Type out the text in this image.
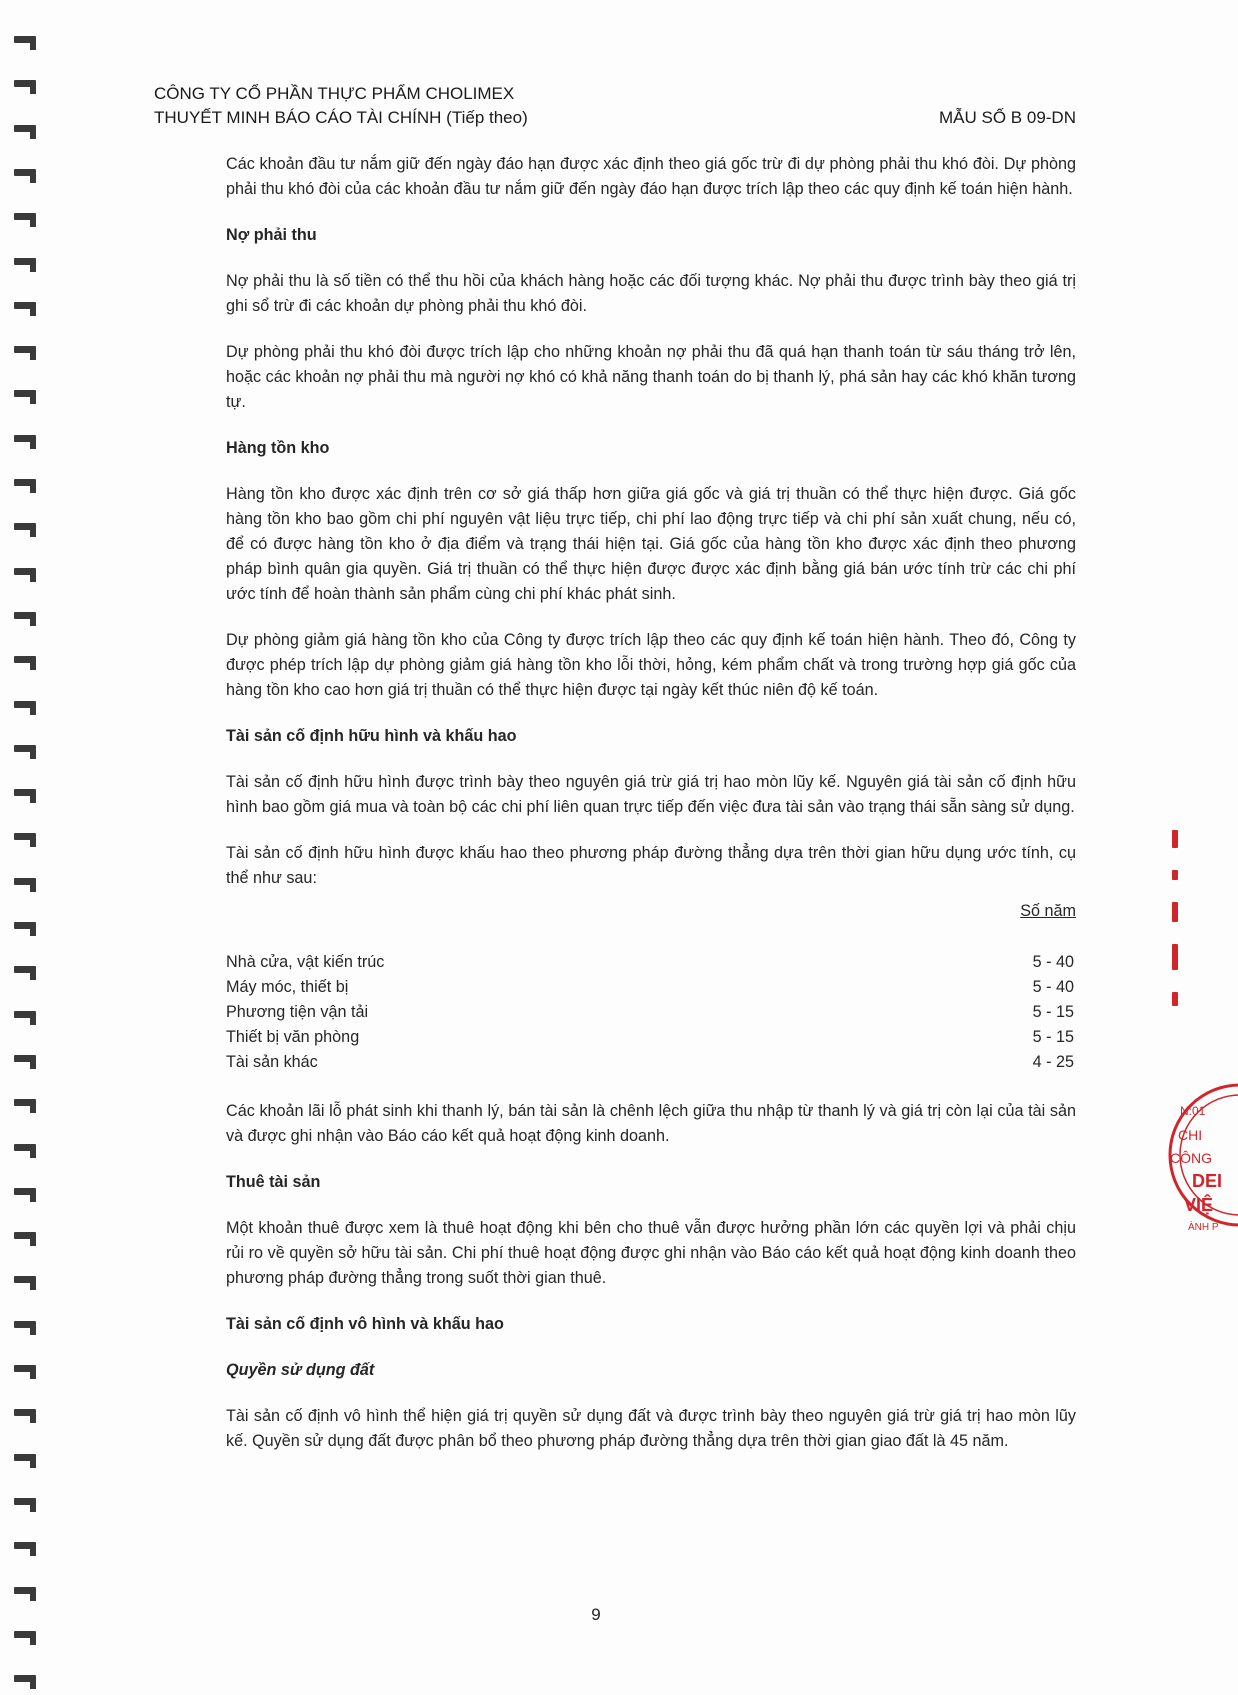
CÔNG TY CỔ PHẦN THỰC PHẨM CHOLIMEX
THUYẾT MINH BÁO CÁO TÀI CHÍNH (Tiếp theo)	MẪU SỐ B 09-DN

Các khoản đầu tư nắm giữ đến ngày đáo hạn được xác định theo giá gốc trừ đi dự phòng phải thu khó đòi. Dự phòng phải thu khó đòi của các khoản đầu tư nắm giữ đến ngày đáo hạn được trích lập theo các quy định kế toán hiện hành.

Nợ phải thu

Nợ phải thu là số tiền có thể thu hồi của khách hàng hoặc các đối tượng khác. Nợ phải thu được trình bày theo giá trị ghi sổ trừ đi các khoản dự phòng phải thu khó đòi.

Dự phòng phải thu khó đòi được trích lập cho những khoản nợ phải thu đã quá hạn thanh toán từ sáu tháng trở lên, hoặc các khoản nợ phải thu mà người nợ khó có khả năng thanh toán do bị thanh lý, phá sản hay các khó khăn tương tự.

Hàng tồn kho

Hàng tồn kho được xác định trên cơ sở giá thấp hơn giữa giá gốc và giá trị thuần có thể thực hiện được. Giá gốc hàng tồn kho bao gồm chi phí nguyên vật liệu trực tiếp, chi phí lao động trực tiếp và chi phí sản xuất chung, nếu có, để có được hàng tồn kho ở địa điểm và trạng thái hiện tại. Giá gốc của hàng tồn kho được xác định theo phương pháp bình quân gia quyền. Giá trị thuần có thể thực hiện được được xác định bằng giá bán ước tính trừ các chi phí ước tính để hoàn thành sản phẩm cùng chi phí khác phát sinh.

Dự phòng giảm giá hàng tồn kho của Công ty được trích lập theo các quy định kế toán hiện hành. Theo đó, Công ty được phép trích lập dự phòng giảm giá hàng tồn kho lỗi thời, hỏng, kém phẩm chất và trong trường hợp giá gốc của hàng tồn kho cao hơn giá trị thuần có thể thực hiện được tại ngày kết thúc niên độ kế toán.

Tài sản cố định hữu hình và khấu hao

Tài sản cố định hữu hình được trình bày theo nguyên giá trừ giá trị hao mòn lũy kế. Nguyên giá tài sản cố định hữu hình bao gồm giá mua và toàn bộ các chi phí liên quan trực tiếp đến việc đưa tài sản vào trạng thái sẵn sàng sử dụng.

Tài sản cố định hữu hình được khấu hao theo phương pháp đường thẳng dựa trên thời gian hữu dụng ước tính, cụ thể như sau:

Số năm
Nhà cửa, vật kiến trúc	5 - 40
Máy móc, thiết bị	5 - 40
Phương tiện vận tải	5 - 15
Thiết bị văn phòng	5 - 15
Tài sản khác	4 - 25

Các khoản lãi lỗ phát sinh khi thanh lý, bán tài sản là chênh lệch giữa thu nhập từ thanh lý và giá trị còn lại của tài sản và được ghi nhận vào Báo cáo kết quả hoạt động kinh doanh.

Thuê tài sản

Một khoản thuê được xem là thuê hoạt động khi bên cho thuê vẫn được hưởng phần lớn các quyền lợi và phải chịu rủi ro về quyền sở hữu tài sản. Chi phí thuê hoạt động được ghi nhận vào Báo cáo kết quả hoạt động kinh doanh theo phương pháp đường thẳng trong suốt thời gian thuê.

Tài sản cố định vô hình và khấu hao
Quyền sử dụng đất

Tài sản cố định vô hình thể hiện giá trị quyền sử dụng đất và được trình bày theo nguyên giá trừ giá trị hao mòn lũy kế. Quyền sử dụng đất được phân bổ theo phương pháp đường thẳng dựa trên thời gian giao đất là 45 năm.

9
N:01
CHI
CÔNG
DEI
VIỆ
ÀNH P
